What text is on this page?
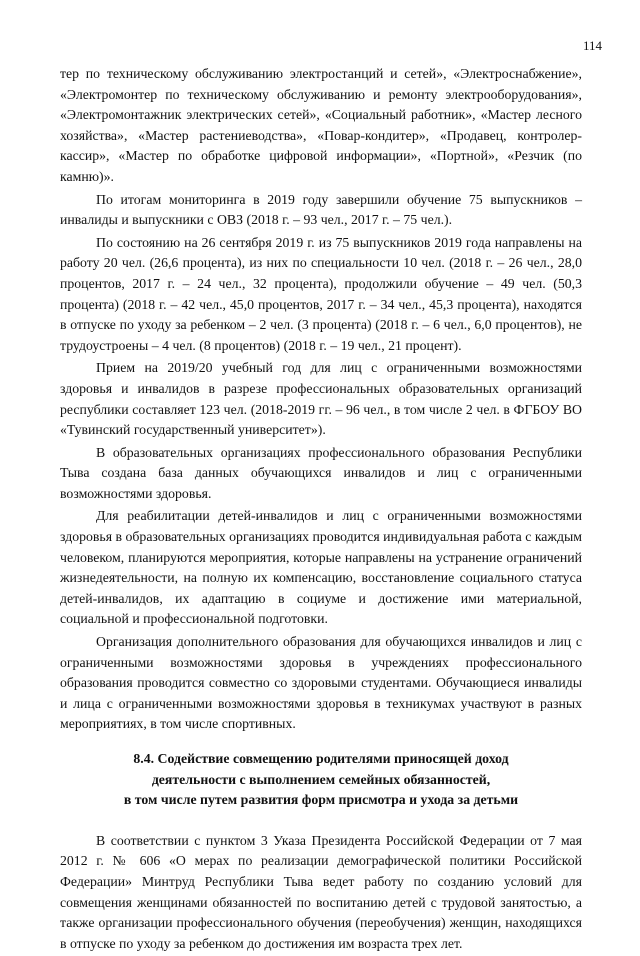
114

тер по техническому обслуживанию электростанций и сетей», «Электроснабжение», «Электромонтер по техническому обслуживанию и ремонту электрооборудования», «Электромонтажник электрических сетей», «Социальный работник», «Мастер лесного хозяйства», «Мастер растениеводства», «Повар-кондитер», «Продавец, контролер-кассир», «Мастер по обработке цифровой информации», «Портной», «Резчик (по камню)».

По итогам мониторинга в 2019 году завершили обучение 75 выпускников – инвалиды и выпускники с ОВЗ (2018 г. – 93 чел., 2017 г. – 75 чел.).

По состоянию на 26 сентября 2019 г. из 75 выпускников 2019 года направлены на работу 20 чел. (26,6 процента), из них по специальности 10 чел. (2018 г. – 26 чел., 28,0 процентов, 2017 г. – 24 чел., 32 процента), продолжили обучение – 49 чел. (50,3 процента) (2018 г. – 42 чел., 45,0 процентов, 2017 г. – 34 чел., 45,3 процента), находятся в отпуске по уходу за ребенком – 2 чел. (3 процента) (2018 г. – 6 чел., 6,0 процентов), не трудоустроены – 4 чел. (8 процентов) (2018 г. – 19 чел., 21 процент).

Прием на 2019/20 учебный год для лиц с ограниченными возможностями здоровья и инвалидов в разрезе профессиональных образовательных организаций республики составляет 123 чел. (2018-2019 гг. – 96 чел., в том числе 2 чел. в ФГБОУ ВО «Тувинский государственный университет»).

В образовательных организациях профессионального образования Республики Тыва создана база данных обучающихся инвалидов и лиц с ограниченными возможностями здоровья.

Для реабилитации детей-инвалидов и лиц с ограниченными возможностями здоровья в образовательных организациях проводится индивидуальная работа с каждым человеком, планируются мероприятия, которые направлены на устранение ограничений жизнедеятельности, на полную их компенсацию, восстановление социального статуса детей-инвалидов, их адаптацию в социуме и достижение ими материальной, социальной и профессиональной подготовки.

Организация дополнительного образования для обучающихся инвалидов и лиц с ограниченными возможностями здоровья в учреждениях профессионального образования проводится совместно со здоровыми студентами. Обучающиеся инвалиды и лица с ограниченными возможностями здоровья в техникумах участвуют в разных мероприятиях, в том числе спортивных.

8.4. Содействие совмещению родителями приносящей доход
деятельности с выполнением семейных обязанностей,
в том числе путем развития форм присмотра и ухода за детьми

В соответствии с пунктом 3 Указа Президента Российской Федерации от 7 мая 2012 г. № 606 «О мерах по реализации демографической политики Российской Федерации» Минтруд Республики Тыва ведет работу по созданию условий для совмещения женщинами обязанностей по воспитанию детей с трудовой занятостью, а также организации профессионального обучения (переобучения) женщин, находящихся в отпуске по уходу за ребенком до достижения им возраста трех лет.
